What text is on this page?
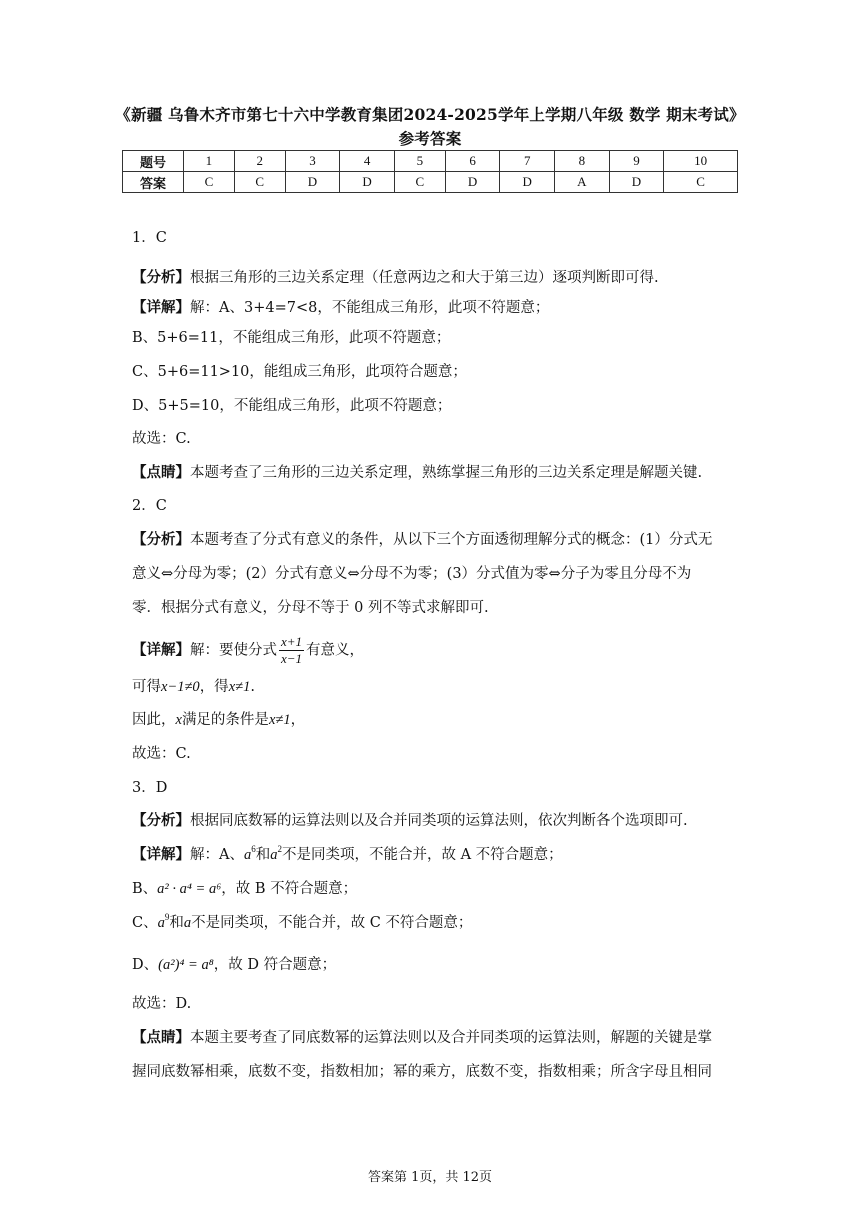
《新疆 乌鲁木齐市第七十六中学教育集团2024-2025学年上学期八年级 数学 期末考试》
参考答案
题号	1	2	3	4	5	6	7	8	9	10
答案	C	C	D	D	C	D	D	A	D	C
1．C
【分析】根据三角形的三边关系定理（任意两边之和大于第三边）逐项判断即可得.
【详解】解：A、3+4=7<8，不能组成三角形，此项不符题意；
B、5+6=11，不能组成三角形，此项不符题意；
C、5+6=11>10，能组成三角形，此项符合题意；
D、5+5=10，不能组成三角形，此项不符题意；
故选：C.
【点睛】本题考查了三角形的三边关系定理，熟练掌握三角形的三边关系定理是解题关键.
2．C
【分析】本题考查了分式有意义的条件，从以下三个方面透彻理解分式的概念：(1）分式无
意义⇔分母为零；(2）分式有意义⇔分母不为零；(3）分式值为零⇔分子为零且分母不为
零．根据分式有意义，分母不等于 0 列不等式求解即可.
【详解】解：要使分式 $\frac{x+1}{x-1}$ 有意义，
可得x−1≠0，得x≠1.
因此，x满足的条件是x≠1，
故选：C.
3．D
【分析】根据同底数幂的运算法则以及合并同类项的运算法则，依次判断各个选项即可.
【详解】解：A、$a^6$和$a^2$不是同类项，不能合并，故 A 不符合题意；
B、a² · a⁴ = a⁶，故 B 不符合题意；
C、$a^9$和a不是同类项，不能合并，故 C 不符合题意；
D、(a²)⁴ = a⁸，故 D 符合题意；
故选：D.
【点睛】本题主要考查了同底数幂的运算法则以及合并同类项的运算法则，解题的关键是掌
握同底数幂相乘，底数不变，指数相加；幂的乘方，底数不变，指数相乘；所含字母且相同
答案第 1页，共 12页
